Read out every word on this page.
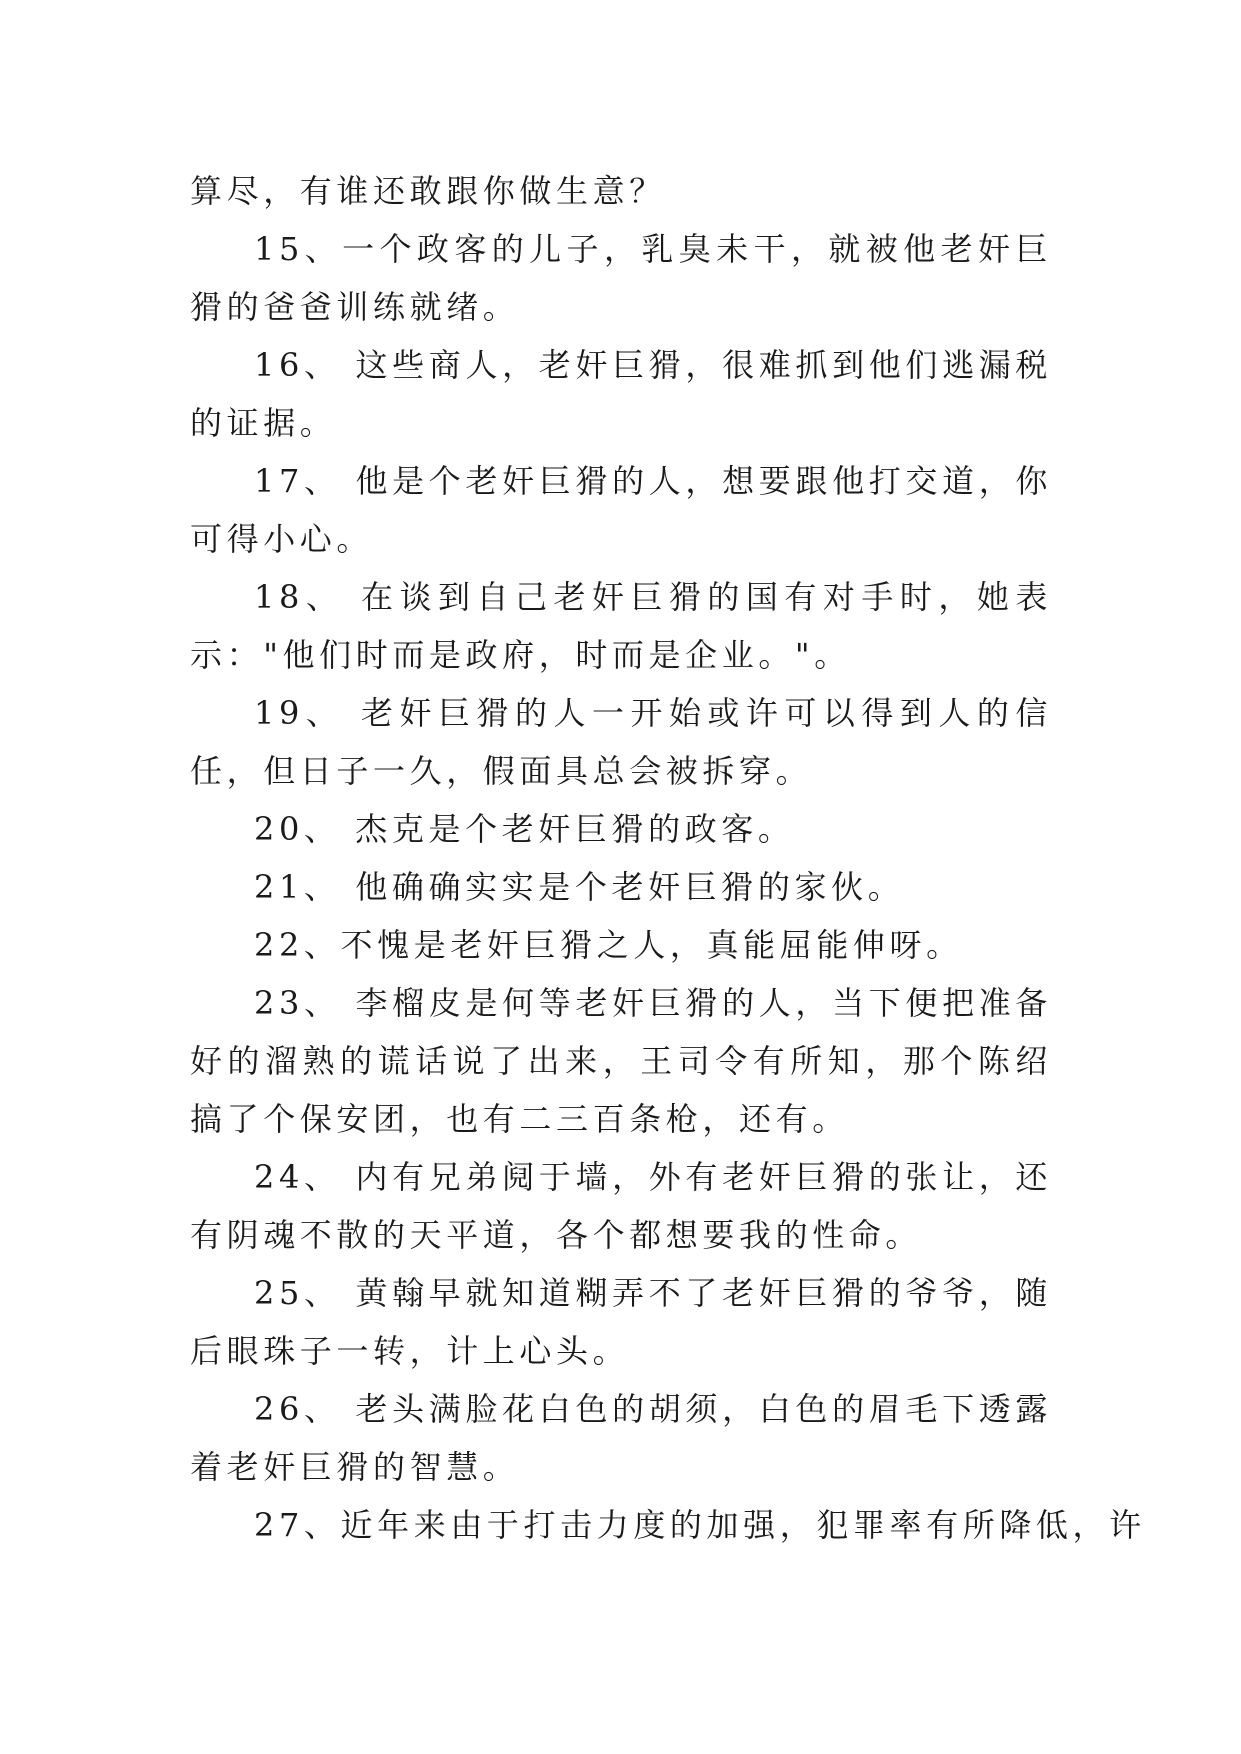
算尽，有谁还敢跟你做生意？

15、一个政客的儿子，乳臭未干，就被他老奸巨猾的爸爸训练就绪。

16、 这些商人，老奸巨猾，很难抓到他们逃漏税的证据。

17、 他是个老奸巨猾的人，想要跟他打交道，你可得小心。

18、 在谈到自己老奸巨猾的国有对手时，她表示："他们时而是政府，时而是企业。"。

19、 老奸巨猾的人一开始或许可以得到人的信任，但日子一久，假面具总会被拆穿。

20、 杰克是个老奸巨猾的政客。

21、 他确确实实是个老奸巨猾的家伙。

22、不愧是老奸巨猾之人，真能屈能伸呀。

23、 李榴皮是何等老奸巨猾的人，当下便把准备好的溜熟的谎话说了出来，王司令有所知，那个陈绍搞了个保安团，也有二三百条枪，还有。

24、 内有兄弟阋于墙，外有老奸巨猾的张让，还有阴魂不散的天平道，各个都想要我的性命。

25、 黄翰早就知道糊弄不了老奸巨猾的爷爷，随后眼珠子一转，计上心头。

26、 老头满脸花白色的胡须，白色的眉毛下透露着老奸巨猾的智慧。

27、近年来由于打击力度的加强，犯罪率有所降低，许
